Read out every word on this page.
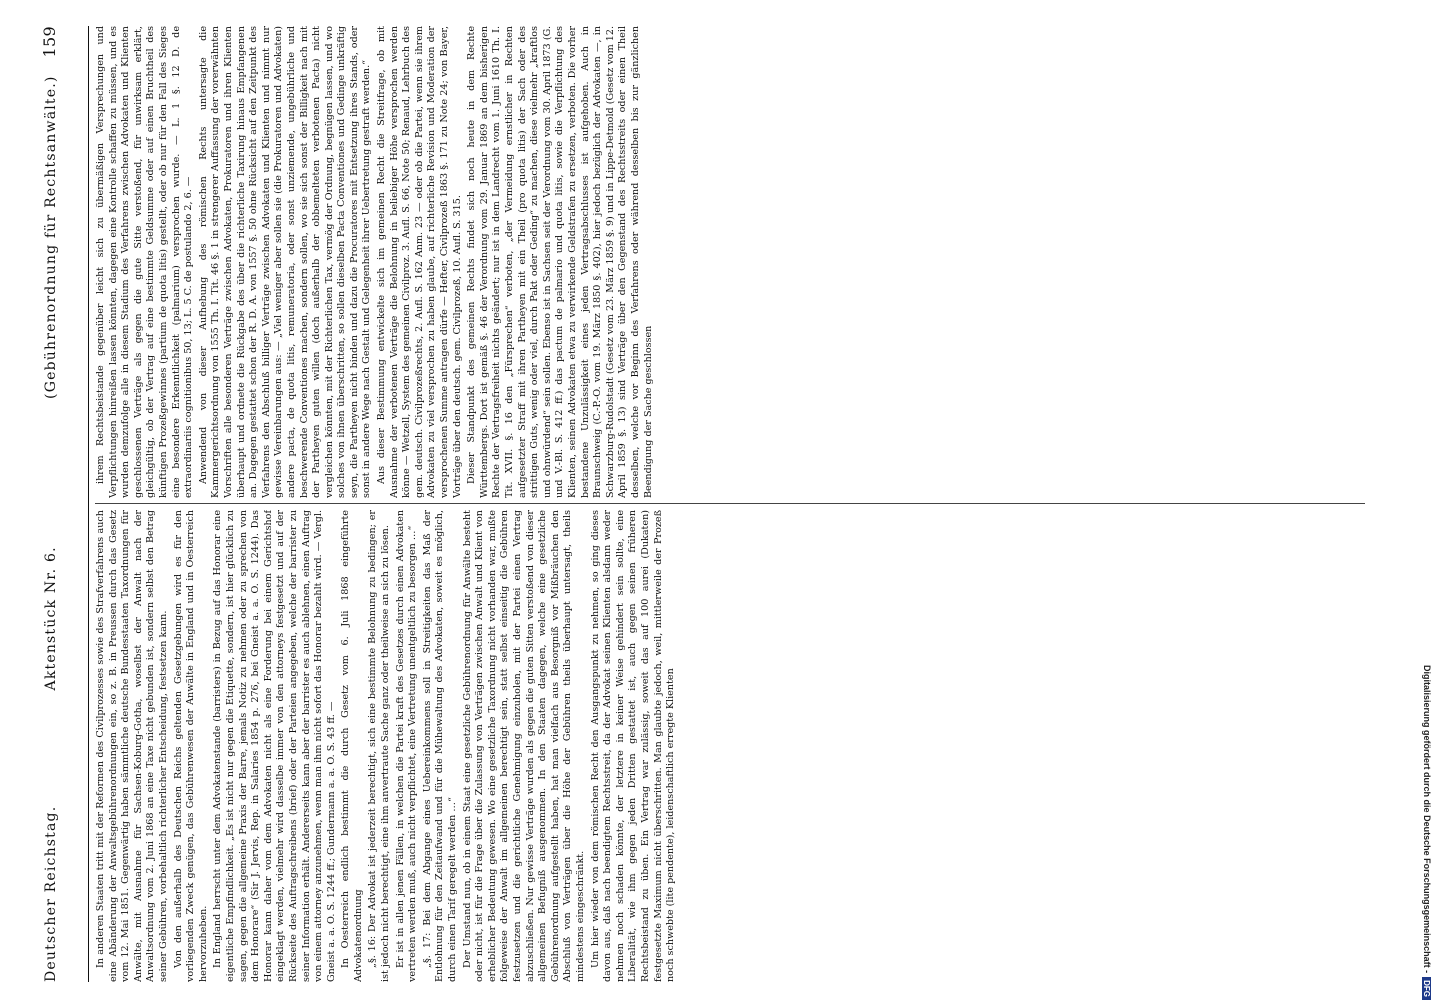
Deutscher Reichstag.
Aktenstück Nr. 6.
(Gebührenordnung für Rechtsanwälte.)
159

In anderen Staaten tritt mit der Reformen des Civilprozesses sowie des Strafverfahrens auch eine Abänderung der Anwaltsgebührenordnungen ein, so z. B. in Preussen durch das Gesetz vom 12. Mai 1851. Gegenwärtig haben sämmtliche deutsche Bundesstaaten Taxordnungen für Anwälte, mit Ausnahme für Sachsen-Koburg-Gotha, woselbst der Anwalt nach der Anwaltsordnung vom 2. Juni 1868 an eine Taxe nicht gebunden ist, sondern selbst den Betrag seiner Gebühren, vorbehaltlich richterlicher Entscheidung, festsetzen kann. Von den außerhalb des Deutschen Reichs geltenden Gesetzgebungen wird es für den vorliegenden Zweck genügen, das Gebührenwesen der Anwälte in England und in Oesterreich hervorzuheben. In England herrscht unter dem Advokatenstande (barristers) in Bezug auf das Honorar eine eigentliche Empfindlichkeit. „Es ist nicht nur gegen die Etiquette, sondern, ist hier glücklich zu sagen, gegen die allgemeine Praxis der Barre, jemals Notiz zu nehmen oder zu sprechen von dem Honorare“ (Sir J. Jervis, Rep. in Salaries 1854 p. 276, bei Gneist a. a. O. S. 1244). Das Honorar kann daher vom dem Advokaten nicht als eine Forderung bei einem Gerichtshof eingeklagt werden, vielmehr wird dasselbe immer von den attorneys festgesetzt und auf der Rückseite des Auftragschreibens (brief) oder der Parteien angegeben, welche der barrister zu seiner Information erhält. Andererseits kann aber der barrister es auch ablehnen, einen Auftrag von einem attorney anzunehmen, wenn man ihm nicht sofort das Honorar bezahlt wird. — Vergl. Gneist a. a. O. S. 1244 ff.; Gundermann a. a. O. S. 43 ff. — In Oesterreich endlich bestimmt die durch Gesetz vom 6. Juli 1868 eingeführte Advokatenordnung „§. 16: Der Advokat ist jederzeit berechtigt, sich eine bestimmte Belohnung zu bedingen; er ist jedoch nicht berechtigt, eine ihm anvertraute Sache ganz oder theilweise an sich zu lösen. Er ist in allen jenen Fällen, in welchen die Partei kraft des Gesetzes durch einen Advokaten vertreten werden muß, auch nicht verpflichtet, eine Vertretung unentgeltlich zu besorgen …“ „§. 17: Bei dem Abgange eines Uebereinkommens soll in Streitigkeiten das Maß der Entlohnung für den Zeitaufwand und für die Mühewaltung des Advokaten, soweit es möglich, durch einen Tarif geregelt werden …“ Der Umstand nun, ob in einem Staat eine gesetzliche Gebührenordnung für Anwälte besteht oder nicht, ist für die Frage über die Zulassung von Verträgen zwischen Anwalt und Klient von erheblicher Bedeutung gewesen. Wo eine gesetzliche Taxordnung nicht vorhanden war, mußte folgeweise der Anwalt im allgemeinen berechtigt sein, statt selbst einseitig die Gebühren festzusetzen und die gerichtliche Genehmigung einzuholen, mit der Partei einen Vertrag abzuschließen. Nur gewisse Verträge wurden als gegen die guten Sitten verstoßend von dieser allgemeinen Befugniß ausgenommen. In den Staaten dagegen, welche eine gesetzliche Gebührenordnung aufgestellt haben, hat man vielfach aus Besorgniß vor Mißbräuchen den Abschluß von Verträgen über die Höhe der Gebühren theils überhaupt untersagt, theils mindestens eingeschränkt. Um hier wieder von dem römischen Recht den Ausgangspunkt zu nehmen, so ging dieses davon aus, daß nach beendigtem Rechtsstreit, da der Advokat seinen Klienten alsdann weder nehmen noch schaden könnte, der letztere in keiner Weise gehindert sein sollte, eine Liberalität, wie ihm gegen jeden Dritten gestattet ist, auch gegen seinen früheren Rechtsbeistand zu üben. Ein Vertrag war zulässig, soweit das auf 100 aurei (Dukaten) festgesetzte Maximum nicht überschritten. Man glaubte jedoch, weil, mittlerweile der Prozeß noch schwebte (lite pendente), leidenschaftlich erregte Klienten

ihrem Rechtsbeistande gegenüber leicht sich zu übermäßigen Versprechungen und Verpflichtungen hinreißen lassen könnten, dagegen eine Kontrolle schaffen zu müssen, und es wurden demzufolge alle in diesem Stadium des Verfahrens zwischen Advokaten und Klienten geschlossenen Verträge als gegen die gute Sitte verstoßend, für unwirksam erklärt, gleichgültig, ob der Vertrag auf eine bestimmte Geldsumme oder auf einen Bruchtheil des künftigen Prozeßgewinnes (partium de quota litis) gestellt, oder ob nur für den Fall des Sieges eine besondere Erkenntlichkeit (palmarium) versprochen wurde. — L. 1 §. 12 D. de extraordinariis cognitionibus 50, 13; L. 5 C. de postulando 2, 6. — Anwendend von dieser Aufhebung des römischen Rechts untersagte die Kammergerichtsordnung von 1555 Th. I. Tit. 46 §. 1 in strengerer Auffassung der vorerwähnten Vorschriften alle besonderen Verträge zwischen Advokaten, Prokuratoren und ihren Klienten überhaupt und ordnete die Rückgabe des über die richterliche Taxirung hinaus Empfangenen an. Dagegen gestattet schon der R. D. A. von 1557 §. 50 ohne Rücksicht auf den Zeitpunkt des Verfahrens den Abschluß billiger Verträge zwischen Advokaten und Klienten und nimmt nur gewisse Vereinbarungen aus: — „Viel weniger aber sollen sie (die Prokuratoren und Advokaten) andere pacta, de quota litis, remuneratoria, oder sonst unziemende, ungebührliche und beschwerende Conventiones machen, sondern sollen, wo sie sich sonst der Billigkeit nach mit der Partheyen guten willen (doch außerhalb der obbemelteten verbotenen Pacta) nicht vergleichen könnten, mit der Richterlichen Tax, vermög der Ordnung, begnügen lassen, und wo solches von ihnen überschritten, so sollen dieselben Pacta Conventiones und Gedinge unkräftig seyn, die Partheyen nicht binden und dazu die Procuratores mit Entsetzung ihres Stands, oder sonst in andere Wege nach Gestalt und Gelegenheit ihrer Uebertretung gestraft werden.“ Aus dieser Bestimmung entwickelte sich im gemeinen Recht die Streitfrage, ob mit Ausnahme der verbotenen Verträge die Belohnung in beliebiger Höhe versprochen werden könne — Wetzell, System des gemeinen Civilproz. 3. Aufl. S. 66, Note 50; Renaud, Lehrbuch des gem. deutsch. Civilprozeßrechts, 2. Aufl. S. 162 Anm. 23 — oder ob die Partei, wenn sie ihrem Advokaten zu viel versprochen zu haben glaube, auf richterliche Revision und Moderation der versprochenen Summe antragen dürfe — Hefter, Civilprozeß 1863 §. 171 zu Note 24; von Bayer, Vorträge über den deutsch. gem. Civilprozeß, 10. Aufl. S. 315. Dieser Standpunkt des gemeinen Rechts findet sich noch heute in dem Rechte Württembergs. Dort ist gemäß §. 46 der Verordnung vom 29. Januar 1869 an dem bisherigen Rechte der Vertragsfreiheit nichts geändert; nur ist in dem Landrecht vom 1. Juni 1610 Th. I. Tit. XVII. §. 16 den „Fürsprechen“ verboten, „der Vermeidung ernstlicher in Rechten aufgesetzter Straff mit ihren Partheyen mit ein Theil (pro quota litis) der Sach oder des strittigen Guts, wenig oder viel, durch Pakt oder Geding“ zu machen, diese vielmehr „kraftlos und ohnwürdend“ sein sollen. Ebenso ist in Sachsen seit der Verordnung vom 30. April 1873 (G. und V.-Bl. S. 412 ff.) das pactum de palmario und quota litis, sowie die Verpflichtung des Klienten, seinen Advokaten etwa zu verwirkende Geldstrafen zu ersetzen, verboten. Die vorher bestandene Unzulässigkeit eines jeden Vertragsabschlusses ist aufgehoben. Auch in Braunschweig (C.-P.-O. vom 19. März 1850 §. 402), hier jedoch bezüglich der Advokaten —, in Schwarzburg-Rudolstadt (Gesetz vom 23. März 1859 §. 9) und in Lippe-Detmold (Gesetz vom 12. April 1859 §. 13) sind Verträge über den Gegenstand des Rechtsstreits oder einen Theil desselben, welche vor Beginn des Verfahrens oder während desselben bis zur gänzlichen Beendigung der Sache geschlossen

Digitalisierung gefördert durch die Deutsche Forschungsgemeinschaft -DFG
